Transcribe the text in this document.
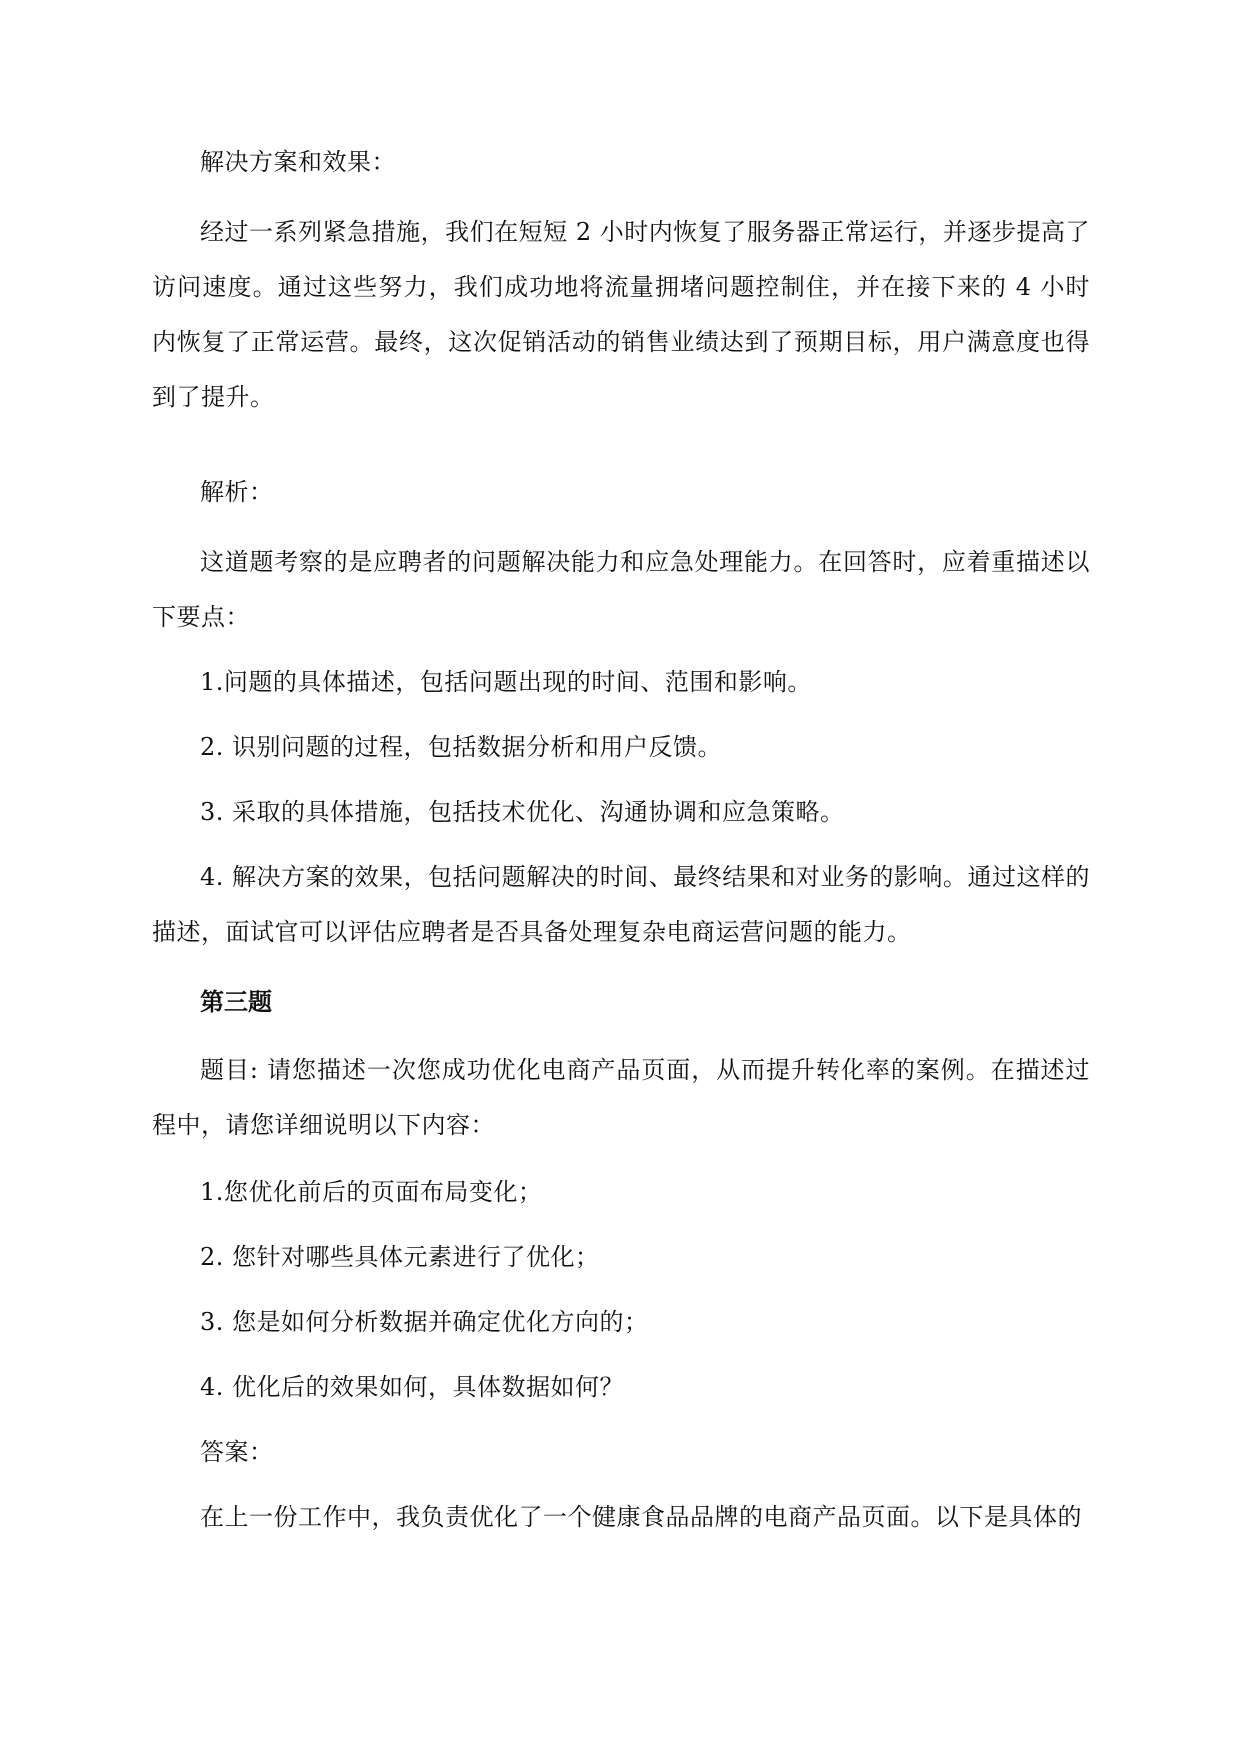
解决方案和效果：

经过一系列紧急措施，我们在短短 2 小时内恢复了服务器正常运行，并逐步提高了访问速度。通过这些努力，我们成功地将流量拥堵问题控制住，并在接下来的 4 小时内恢复了正常运营。最终，这次促销活动的销售业绩达到了预期目标，用户满意度也得到了提升。

解析：

这道题考察的是应聘者的问题解决能力和应急处理能力。在回答时，应着重描述以下要点：

1.问题的具体描述，包括问题出现的时间、范围和影响。

2. 识别问题的过程，包括数据分析和用户反馈。

3. 采取的具体措施，包括技术优化、沟通协调和应急策略。

4. 解决方案的效果，包括问题解决的时间、最终结果和对业务的影响。通过这样的描述，面试官可以评估应聘者是否具备处理复杂电商运营问题的能力。

第三题

题目: 请您描述一次您成功优化电商产品页面，从而提升转化率的案例。在描述过程中，请您详细说明以下内容：

1.您优化前后的页面布局变化；

2. 您针对哪些具体元素进行了优化；

3. 您是如何分析数据并确定优化方向的；

4. 优化后的效果如何，具体数据如何？

答案：

在上一份工作中，我负责优化了一个健康食品品牌的电商产品页面。以下是具体的
